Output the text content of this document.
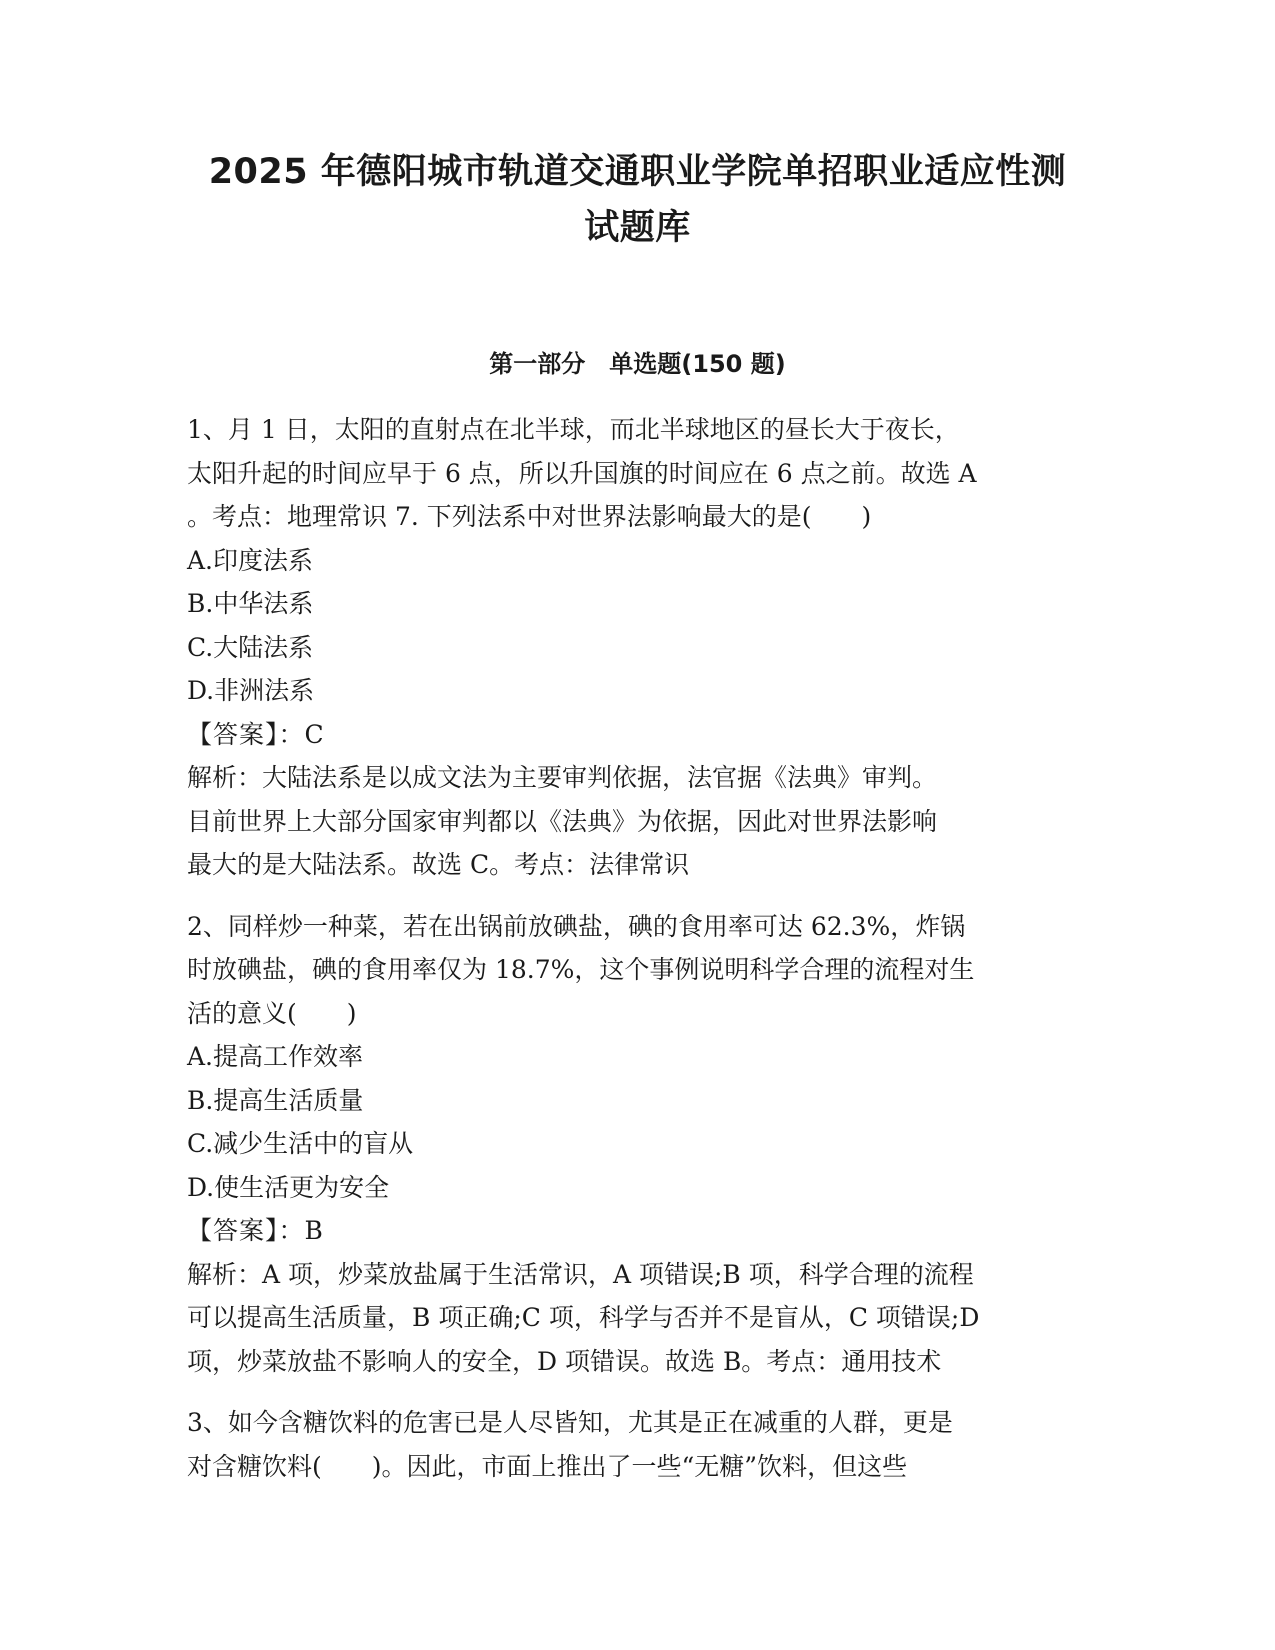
2025 年德阳城市轨道交通职业学院单招职业适应性测
试题库
第一部分　单选题(150 题)
1、月 1 日，太阳的直射点在北半球，而北半球地区的昼长大于夜长，
太阳升起的时间应早于 6 点，所以升国旗的时间应在 6 点之前。故选 A
。考点：地理常识 7. 下列法系中对世界法影响最大的是(　　)
A.印度法系
B.中华法系
C.大陆法系
D.非洲法系
【答案】：C
解析：大陆法系是以成文法为主要审判依据，法官据《法典》审判。
目前世界上大部分国家审判都以《法典》为依据，因此对世界法影响
最大的是大陆法系。故选 C。考点：法律常识
2、同样炒一种菜，若在出锅前放碘盐，碘的食用率可达 62.3%，炸锅
时放碘盐，碘的食用率仅为 18.7%，这个事例说明科学合理的流程对生
活的意义(　　)
A.提高工作效率
B.提高生活质量
C.减少生活中的盲从
D.使生活更为安全
【答案】：B
解析：A 项，炒菜放盐属于生活常识，A 项错误;B 项，科学合理的流程
可以提高生活质量，B 项正确;C 项，科学与否并不是盲从，C 项错误;D
项，炒菜放盐不影响人的安全，D 项错误。故选 B。考点：通用技术
3、如今含糖饮料的危害已是人尽皆知，尤其是正在减重的人群，更是
对含糖饮料(　　)。因此，市面上推出了一些“无糖”饮料，但这些
